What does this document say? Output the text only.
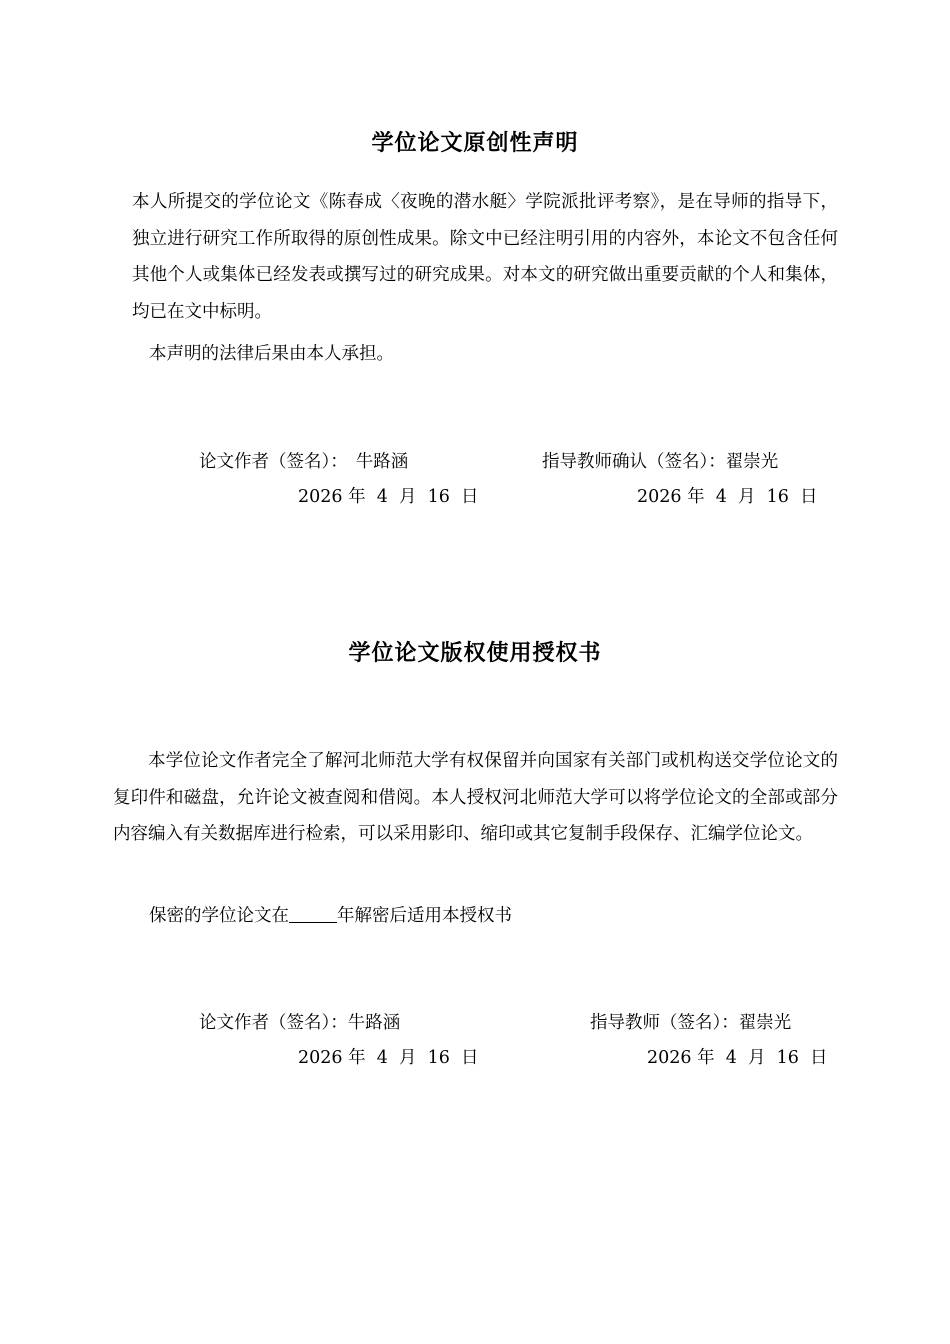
学位论文原创性声明
本人所提交的学位论文《陈春成〈夜晚的潜水艇〉学院派批评考察》，是在导师的指导下，独立进行研究工作所取得的原创性成果。除文中已经注明引用的内容外，本论文不包含任何其他个人或集体已经发表或撰写过的研究成果。对本文的研究做出重要贡献的个人和集体，均已在文中标明。
本声明的法律后果由本人承担。
论文作者（签名）： 牛路涵	指导教师确认（签名）：翟崇光
2026 年  4  月  16  日	2026 年  4  月  16  日
学位论文版权使用授权书
本学位论文作者完全了解河北师范大学有权保留并向国家有关部门或机构送交学位论文的复印件和磁盘，允许论文被查阅和借阅。本人授权河北师范大学可以将学位论文的全部或部分内容编入有关数据库进行检索，可以采用影印、缩印或其它复制手段保存、汇编学位论文。
保密的学位论文在	年解密后适用本授权书
论文作者（签名）：牛路涵	指导教师（签名）：翟崇光
2026 年  4  月  16  日	2026 年  4  月  16  日
